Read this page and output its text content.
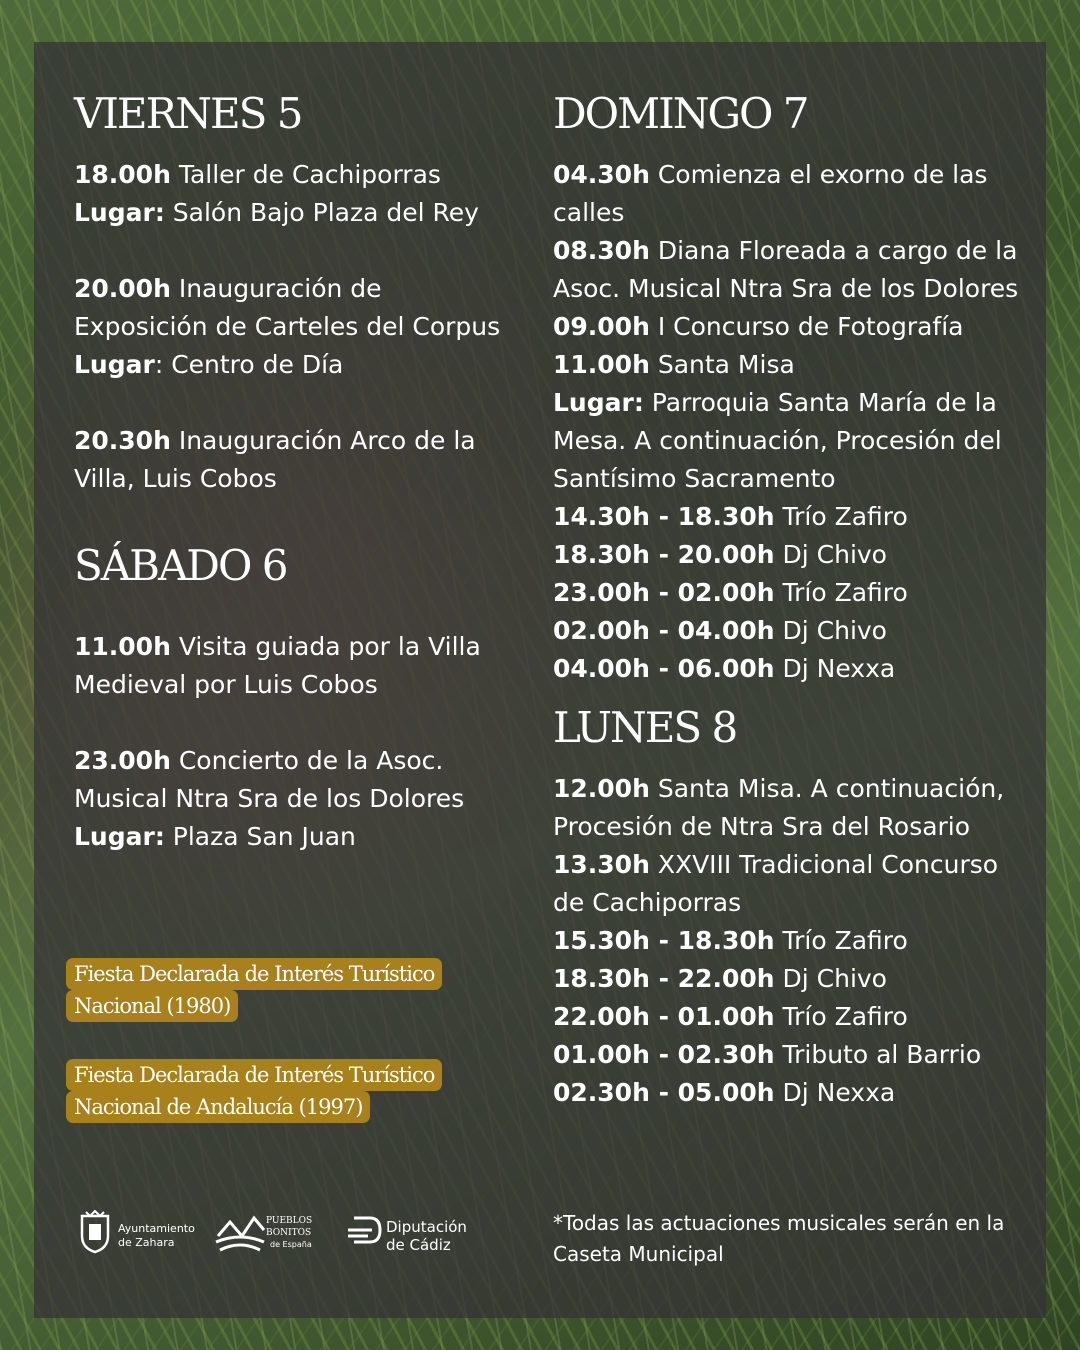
VIERNES 5

18.00h Taller de Cachiporras

Lugar: Salón Bajo Plaza del Rey

20.00h Inauguración de Exposición de Carteles del Corpus

Lugar: Centro de Día

20.30h Inauguración Arco de la Villa, Luis Cobos

SÁBADO 6

11.00h Visita guiada por la Villa Medieval por Luis Cobos

23.00h Concierto de la Asoc. Musical Ntra Sra de los Dolores

Lugar: Plaza San Juan

Fiesta Declarada de Interés Turístico
Nacional (1980)
Fiesta Declarada de Interés Turístico
Nacional de Andalucía (1997)
DOMINGO 7

04.30h Comienza el exorno de las calles

08.30h Diana Floreada a cargo de la Asoc. Musical Ntra Sra de los Dolores

09.00h I Concurso de Fotografía

11.00h Santa Misa

Lugar: Parroquia Santa María de la Mesa. A continuación, Procesión del Santísimo Sacramento

14.30h - 18.30h Trío Zafiro

18.30h - 20.00h Dj Chivo

23.00h - 02.00h Trío Zafiro

02.00h - 04.00h Dj Chivo

04.00h - 06.00h Dj Nexxa

LUNES 8

12.00h Santa Misa. A continuación, Procesión de Ntra Sra del Rosario

13.30h XXVIII Tradicional Concurso de Cachiporras

15.30h - 18.30h Trío Zafiro

18.30h - 22.00h Dj Chivo

22.00h - 01.00h Trío Zafiro

01.00h - 02.30h Tributo al Barrio

02.30h - 05.00h Dj Nexxa

*Todas las actuaciones musicales serán en la Caseta Municipal
Ayuntamiento
de Zahara
PUEBLOS
BONITOS
de España
Diputación
de Cádiz
